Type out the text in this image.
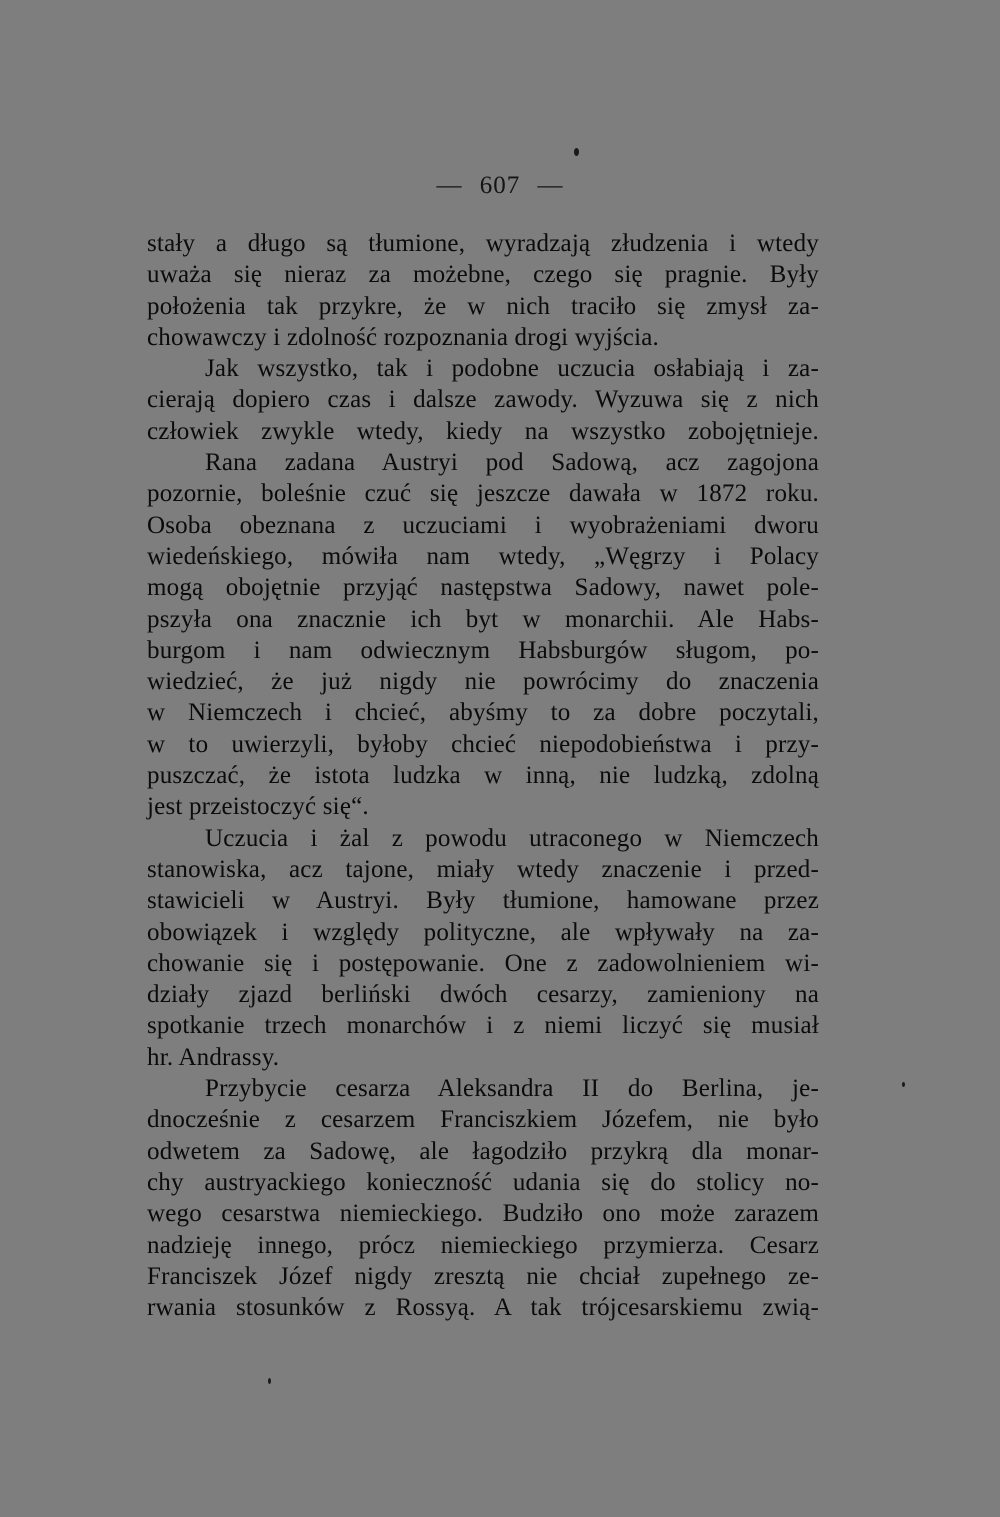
— 607 —
stały a długo są tłumione, wyradzają złudzenia i wtedy
uważa się nieraz za możebne, czego się pragnie. Były
położenia tak przykre, że w nich traciło się zmysł za-
chowawczy i zdolność rozpoznania drogi wyjścia.
Jak wszystko, tak i podobne uczucia osłabiają i za-
cierają dopiero czas i dalsze zawody. Wyzuwa się z nich
człowiek zwykle wtedy, kiedy na wszystko zobojętnieje.
Rana zadana Austryi pod Sadową, acz zagojona
pozornie, boleśnie czuć się jeszcze dawała w 1872 roku.
Osoba obeznana z uczuciami i wyobrażeniami dworu
wiedeńskiego, mówiła nam wtedy, „Węgrzy i Polacy
mogą obojętnie przyjąć następstwa Sadowy, nawet pole-
pszyła ona znacznie ich byt w monarchii. Ale Habs-
burgom i nam odwiecznym Habsburgów sługom, po-
wiedzieć, że już nigdy nie powrócimy do znaczenia
w Niemczech i chcieć, abyśmy to za dobre poczytali,
w to uwierzyli, byłoby chcieć niepodobieństwa i przy-
puszczać, że istota ludzka w inną, nie ludzką, zdolną
jest przeistoczyć się“.
Uczucia i żal z powodu utraconego w Niemczech
stanowiska, acz tajone, miały wtedy znaczenie i przed-
stawicieli w Austryi. Były tłumione, hamowane przez
obowiązek i względy polityczne, ale wpływały na za-
chowanie się i postępowanie. One z zadowolnieniem wi-
działy zjazd berliński dwóch cesarzy, zamieniony na
spotkanie trzech monarchów i z niemi liczyć się musiał
hr. Andrassy.
Przybycie cesarza Aleksandra II do Berlina, je-
dnocześnie z cesarzem Franciszkiem Józefem, nie było
odwetem za Sadowę, ale łagodziło przykrą dla monar-
chy austryackiego konieczność udania się do stolicy no-
wego cesarstwa niemieckiego. Budziło ono może zarazem
nadzieję innego, prócz niemieckiego przymierza. Cesarz
Franciszek Józef nigdy zresztą nie chciał zupełnego ze-
rwania stosunków z Rossyą. A tak trójcesarskiemu zwią-
